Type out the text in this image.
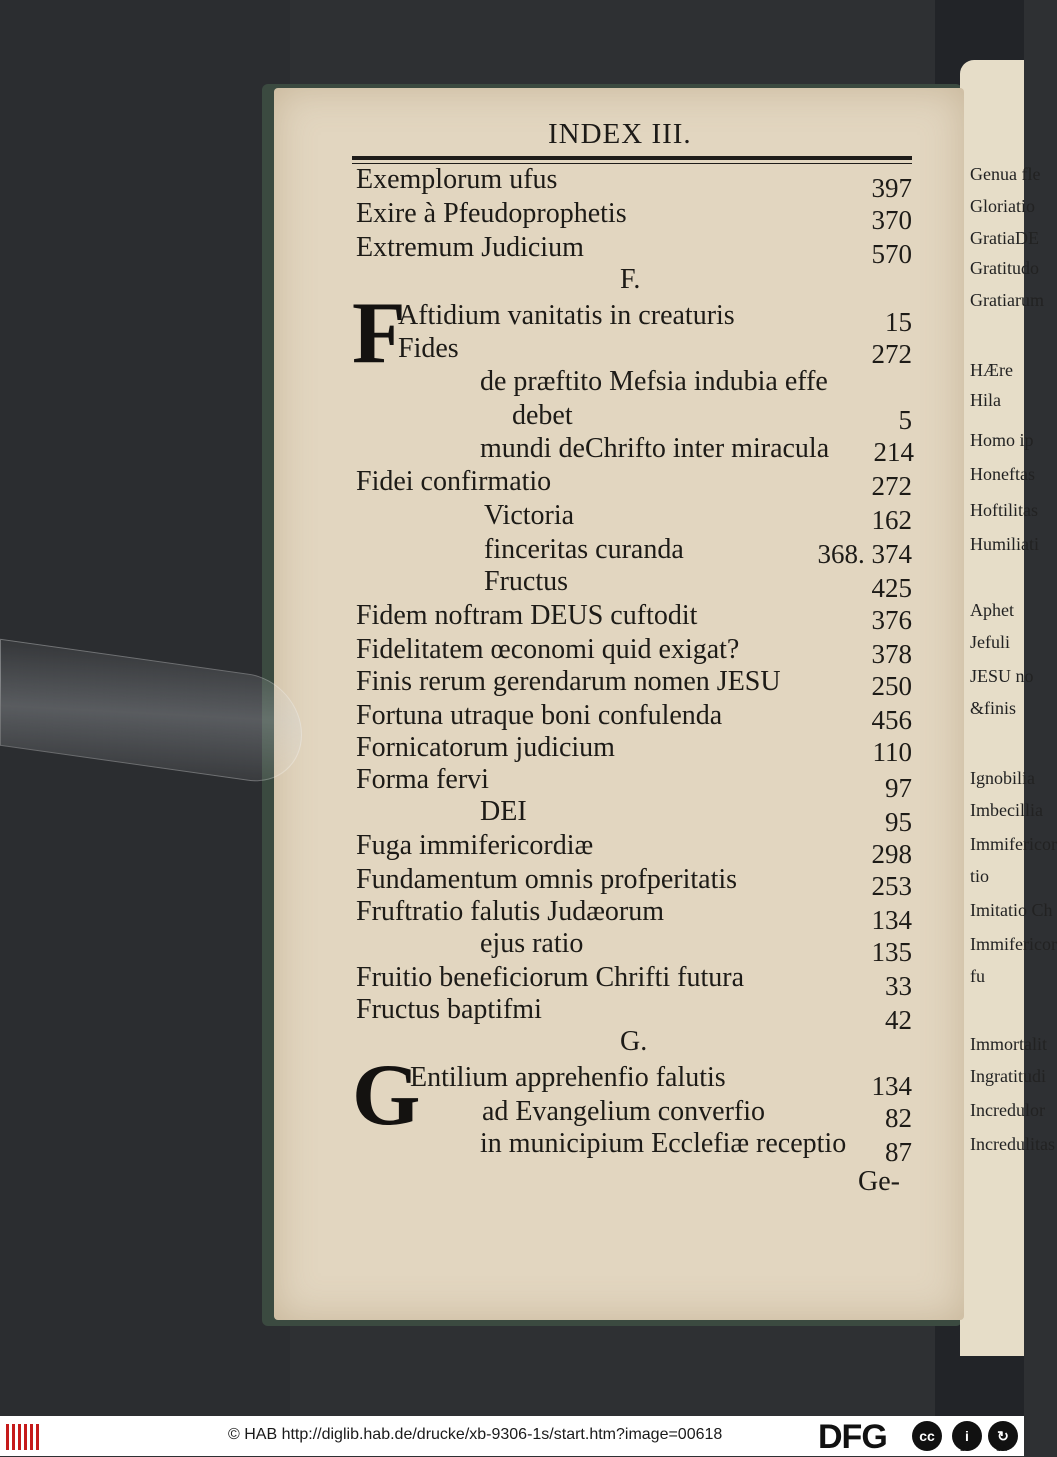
Genua fle
Gloriatio
GratiaDE
Gratitudo
Gratiarum
HÆre
Hila
Homo ip
Honeftas
Hoftilitas
Humiliati
Aphet
Jefuli
JESU no
&finis
Ignobilia
Imbecillia
Immifericor
tio
Imitatio Ch
Immifericor
fu
Immortalit
Ingratitudi
Incredulor
Incredulitas
INDEX III.
F
G
F.
G.
Exemplorum ufus	397
Exire à Pfeudoprophetis	370
Extremum Judicium	570
Aftidium vanitatis in creaturis	15
Fides	272
de præftito Mefsia indubia effe
debet	5
mundi deChrifto inter miracula 214
Fidei confirmatio	272
Victoria	162
finceritas curanda	368. 374
Fructus	425
Fidem noftram DEUS cuftodit	376
Fidelitatem œconomi quid exigat?	378
Finis rerum gerendarum nomen JESU	250
Fortuna utraque boni confulenda	456
Fornicatorum judicium	110
Forma fervi	97
DEI	95
Fuga immifericordiæ	298
Fundamentum omnis profperitatis	253
Fruftratio falutis Judæorum	134
ejus ratio	135
Fruitio beneficiorum Chrifti futura	33
Fructus baptifmi	42
Entilium apprehenfio falutis	134
ad Evangelium converfio	82
in municipium Ecclefiæ receptio 87
Ge-
© HAB http://diglib.hab.de/drucke/xb-9306-1s/start.htm?image=00618	DFG	cc	i
BY
↻
SA
